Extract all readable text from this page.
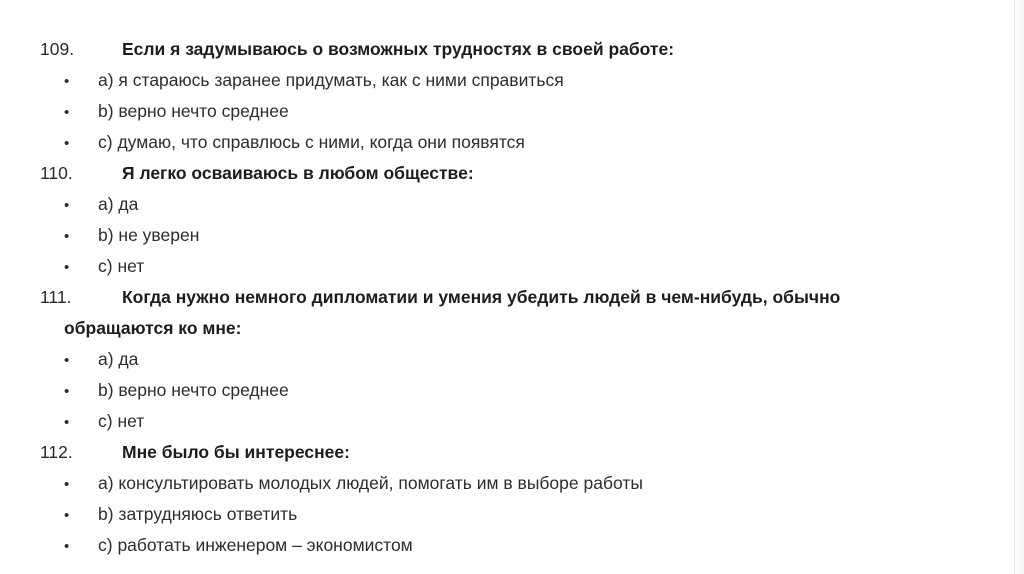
109.	Если я задумываюсь о возможных трудностях в своей работе:
•	a) я стараюсь заранее придумать, как с ними справиться
•	b) верно нечто среднее
•	c) думаю, что справлюсь с ними, когда они появятся
110.	Я легко осваиваюсь в любом обществе:
•	а) да
•	b) не уверен
•	c) нет
111.	Когда нужно немного дипломатии и умения убедить людей в чем-нибудь, обычно
обращаются ко мне:
•	а) да
•	b) верно нечто среднее
•	c) нет
112.	Мне было бы интереснее:
•	a) консультировать молодых людей, помогать им в выборе работы
•	b) затрудняюсь ответить
•	c) работать инженером – экономистом
